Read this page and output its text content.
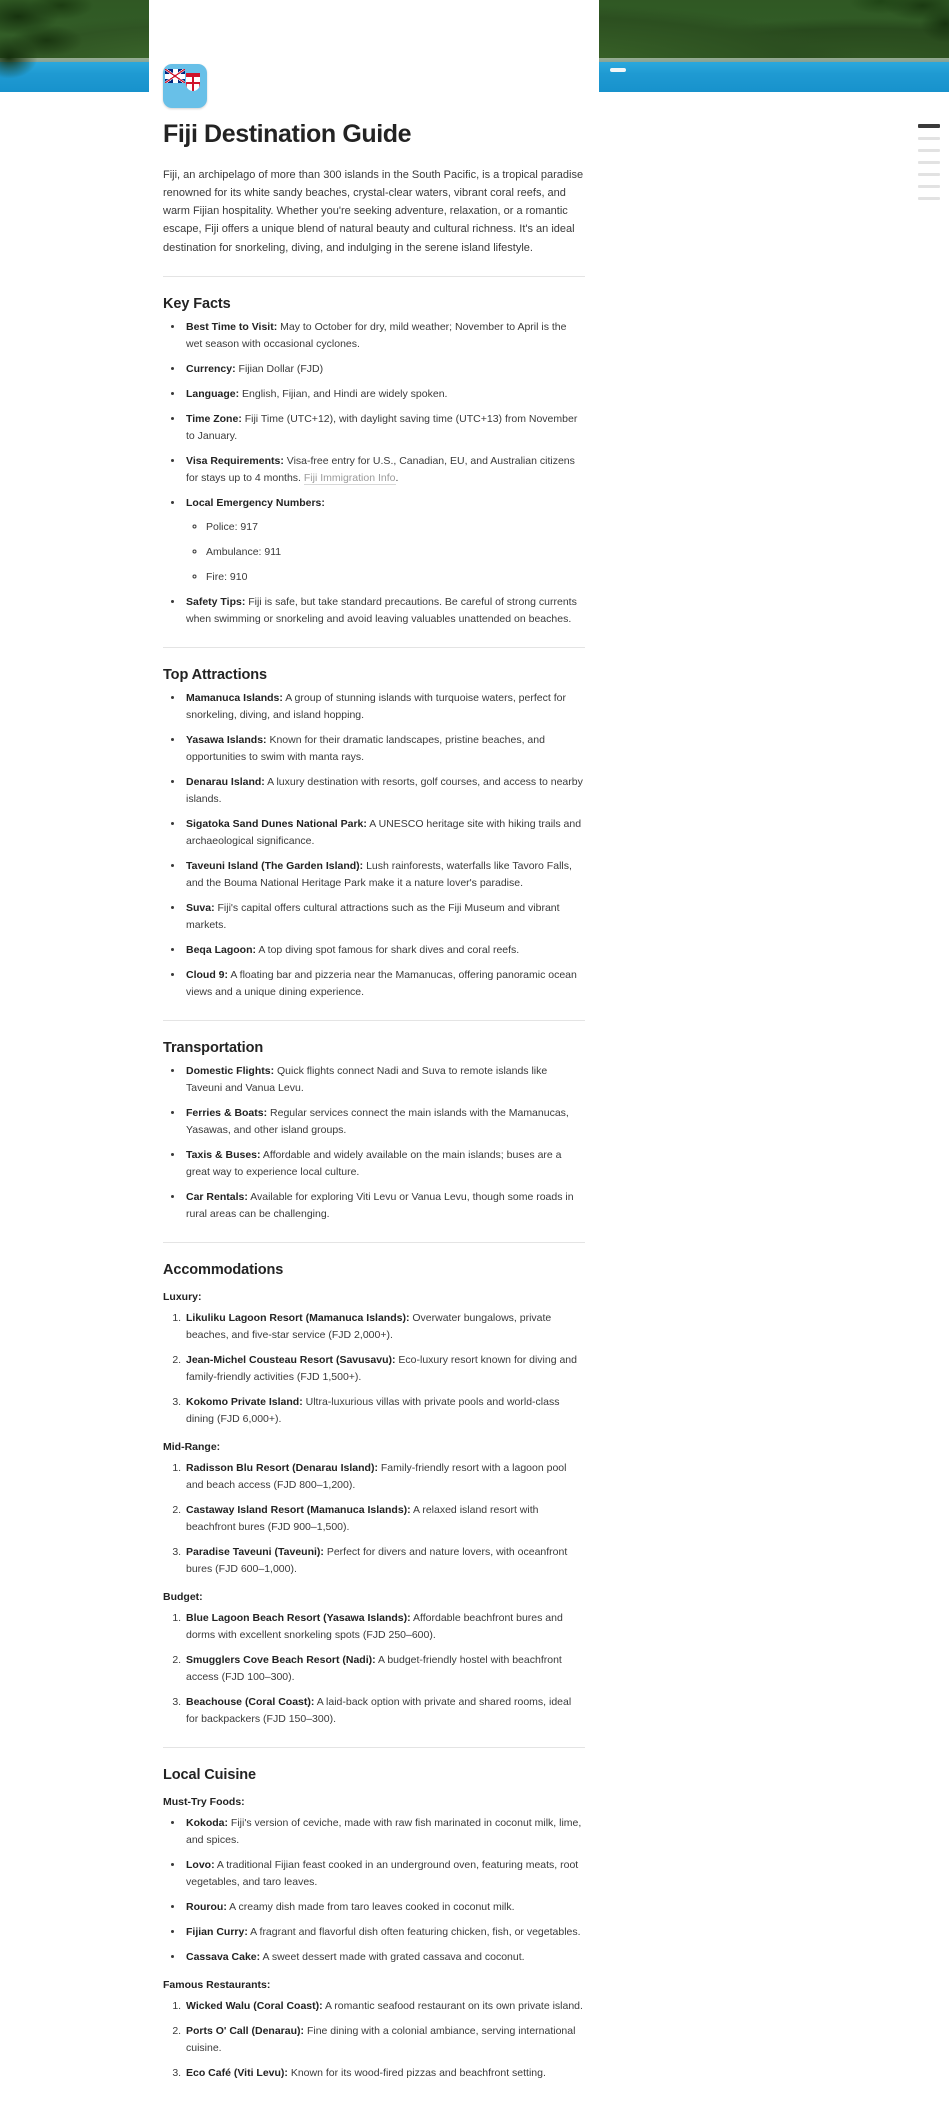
Fiji Destination Guide

Fiji, an archipelago of more than 300 islands in the South Pacific, is a tropical paradise renowned for its white sandy beaches, crystal-clear waters, vibrant coral reefs, and warm Fijian hospitality. Whether you're seeking adventure, relaxation, or a romantic escape, Fiji offers a unique blend of natural beauty and cultural richness. It's an ideal destination for snorkeling, diving, and indulging in the serene island lifestyle.

Key Facts
• Best Time to Visit: May to October for dry, mild weather; November to April is the wet season with occasional cyclones.
• Currency: Fijian Dollar (FJD)
• Language: English, Fijian, and Hindi are widely spoken.
• Time Zone: Fiji Time (UTC+12), with daylight saving time (UTC+13) from November to January.
• Visa Requirements: Visa-free entry for U.S., Canadian, EU, and Australian citizens for stays up to 4 months. Fiji Immigration Info.
• Local Emergency Numbers:
◦ Police: 917
◦ Ambulance: 911
◦ Fire: 910
• Safety Tips: Fiji is safe, but take standard precautions. Be careful of strong currents when swimming or snorkeling and avoid leaving valuables unattended on beaches.
Top Attractions
• Mamanuca Islands: A group of stunning islands with turquoise waters, perfect for snorkeling, diving, and island hopping.
• Yasawa Islands: Known for their dramatic landscapes, pristine beaches, and opportunities to swim with manta rays.
• Denarau Island: A luxury destination with resorts, golf courses, and access to nearby islands.
• Sigatoka Sand Dunes National Park: A UNESCO heritage site with hiking trails and archaeological significance.
• Taveuni Island (The Garden Island): Lush rainforests, waterfalls like Tavoro Falls, and the Bouma National Heritage Park make it a nature lover's paradise.
• Suva: Fiji's capital offers cultural attractions such as the Fiji Museum and vibrant markets.
• Beqa Lagoon: A top diving spot famous for shark dives and coral reefs.
• Cloud 9: A floating bar and pizzeria near the Mamanucas, offering panoramic ocean views and a unique dining experience.
Transportation
• Domestic Flights: Quick flights connect Nadi and Suva to remote islands like Taveuni and Vanua Levu.
• Ferries & Boats: Regular services connect the main islands with the Mamanucas, Yasawas, and other island groups.
• Taxis & Buses: Affordable and widely available on the main islands; buses are a great way to experience local culture.
• Car Rentals: Available for exploring Viti Levu or Vanua Levu, though some roads in rural areas can be challenging.
Accommodations
Luxury:
1. Likuliku Lagoon Resort (Mamanuca Islands): Overwater bungalows, private beaches, and five-star service (FJD 2,000+).
2. Jean-Michel Cousteau Resort (Savusavu): Eco-luxury resort known for diving and family-friendly activities (FJD 1,500+).
3. Kokomo Private Island: Ultra-luxurious villas with private pools and world-class dining (FJD 6,000+).
Mid-Range:
1. Radisson Blu Resort (Denarau Island): Family-friendly resort with a lagoon pool and beach access (FJD 800–1,200).
2. Castaway Island Resort (Mamanuca Islands): A relaxed island resort with beachfront bures (FJD 900–1,500).
3. Paradise Taveuni (Taveuni): Perfect for divers and nature lovers, with oceanfront bures (FJD 600–1,000).
Budget:
1. Blue Lagoon Beach Resort (Yasawa Islands): Affordable beachfront bures and dorms with excellent snorkeling spots (FJD 250–600).
2. Smugglers Cove Beach Resort (Nadi): A budget-friendly hostel with beachfront access (FJD 100–300).
3. Beachouse (Coral Coast): A laid-back option with private and shared rooms, ideal for backpackers (FJD 150–300).
Local Cuisine
Must-Try Foods:
• Kokoda: Fiji's version of ceviche, made with raw fish marinated in coconut milk, lime, and spices.
• Lovo: A traditional Fijian feast cooked in an underground oven, featuring meats, root vegetables, and taro leaves.
• Rourou: A creamy dish made from taro leaves cooked in coconut milk.
• Fijian Curry: A fragrant and flavorful dish often featuring chicken, fish, or vegetables.
• Cassava Cake: A sweet dessert made with grated cassava and coconut.
Famous Restaurants:
1. Wicked Walu (Coral Coast): A romantic seafood restaurant on its own private island.
2. Ports O' Call (Denarau): Fine dining with a colonial ambiance, serving international cuisine.
3. Eco Café (Viti Levu): Known for its wood-fired pizzas and beachfront setting.
